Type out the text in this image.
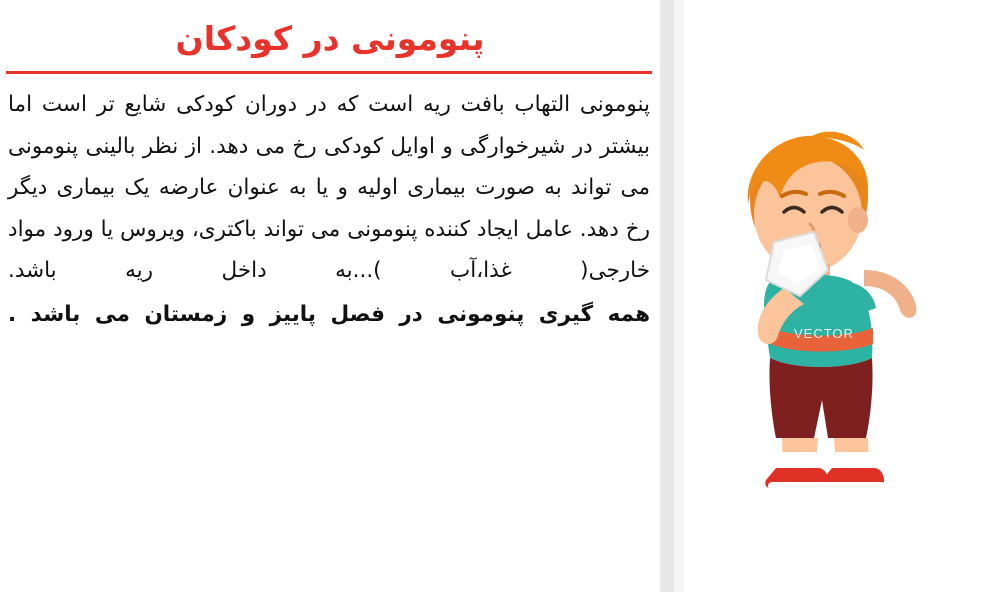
پنومونی در کودکان

پنومونی التهاب بافت ریه است که در دوران کودکی شایع تر است اما بیشتر در شیرخوارگی و اوایل کودکی رخ می دهد. از نظر بالینی پنومونی می تواند به صورت بیماری اولیه و یا به عنوان عارضه یک بیماری دیگر رخ دهد. عامل ایجاد کننده پنومونی می تواند باکتری، ویروس یا ورود مواد خارجی( غذا،آب )...به داخل ریه باشد.

همه گیری پنومونی در فصل پاییز و زمستان می باشد .

VECTOR
